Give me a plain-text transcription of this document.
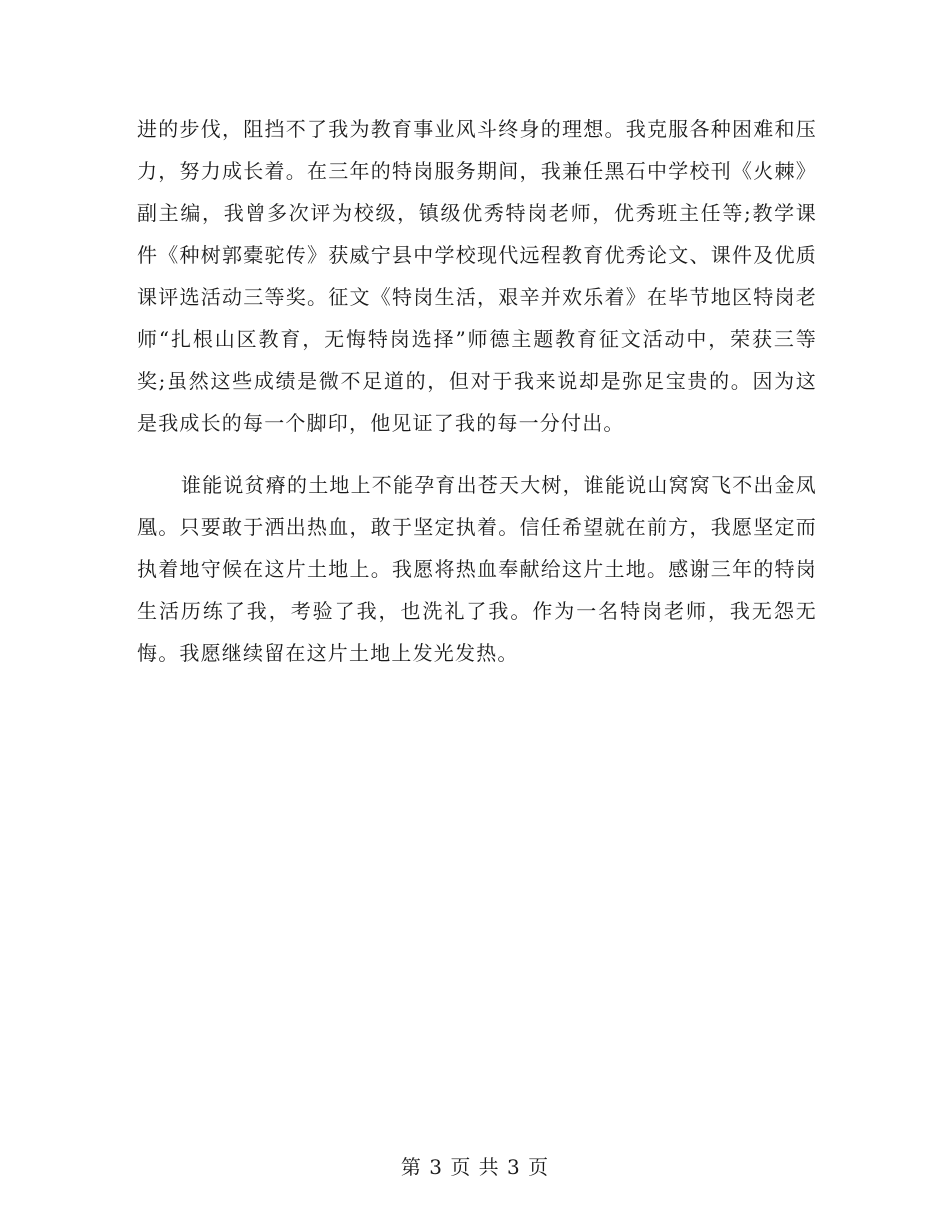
进的步伐，阻挡不了我为教育事业风斗终身的理想。我克服各种困难和压力，努力成长着。在三年的特岗服务期间，我兼任黑石中学校刊《火棘》副主编，我曾多次评为校级，镇级优秀特岗老师，优秀班主任等;教学课件《种树郭橐驼传》获威宁县中学校现代远程教育优秀论文、课件及优质课评选活动三等奖。征文《特岗生活，艰辛并欢乐着》在毕节地区特岗老师“扎根山区教育，无悔特岗选择”师德主题教育征文活动中，荣获三等奖;虽然这些成绩是微不足道的，但对于我来说却是弥足宝贵的。因为这是我成长的每一个脚印，他见证了我的每一分付出。

谁能说贫瘠的土地上不能孕育出苍天大树，谁能说山窝窝飞不出金凤凰。只要敢于洒出热血，敢于坚定执着。信任希望就在前方，我愿坚定而执着地守候在这片土地上。我愿将热血奉献给这片土地。感谢三年的特岗生活历练了我，考验了我，也洗礼了我。作为一名特岗老师，我无怨无悔。我愿继续留在这片土地上发光发热。

第 3 页 共 3 页
